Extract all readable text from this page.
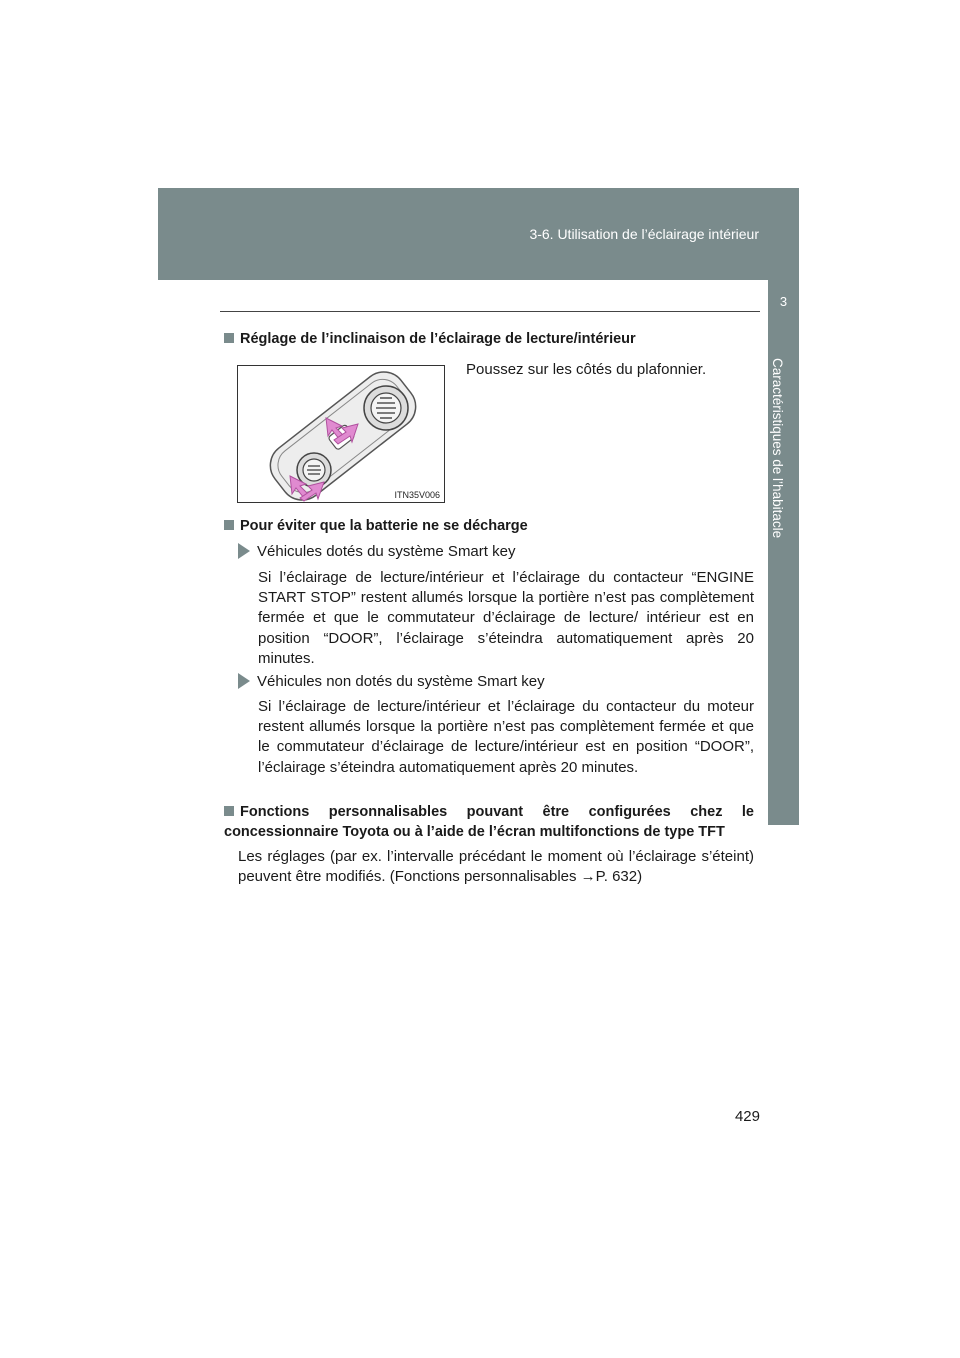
3-6. Utilisation de l’éclairage intérieur
3
Caractéristiques de l’habitacle
Réglage de l’inclinaison de l’éclairage de lecture/intérieur
ITN35V006
Poussez sur les côtés du plafonnier.
Pour éviter que la batterie ne se décharge
Véhicules dotés du système Smart key
Si l’éclairage de lecture/intérieur et l’éclairage du contacteur “ENGINE START STOP” restent allumés lorsque la portière n’est pas complètement fermée et que le commutateur d’éclairage de lecture/ intérieur est en position “DOOR”, l’éclairage s’éteindra automatiquement après 20 minutes.
Véhicules non dotés du système Smart key
Si l’éclairage de lecture/intérieur et l’éclairage du contacteur du moteur restent allumés lorsque la portière n’est pas complètement fermée et que le commutateur d’éclairage de lecture/intérieur est en position “DOOR”, l’éclairage s’éteindra automatiquement après 20 minutes.
Fonctions personnalisables pouvant être configurées chez le concessionnaire Toyota ou à l’aide de l’écran multifonctions de type TFT
Les réglages (par ex. l’intervalle précédant le moment où l’éclairage s’éteint) peuvent être modifiés. (Fonctions personnalisables →P. 632)
429
